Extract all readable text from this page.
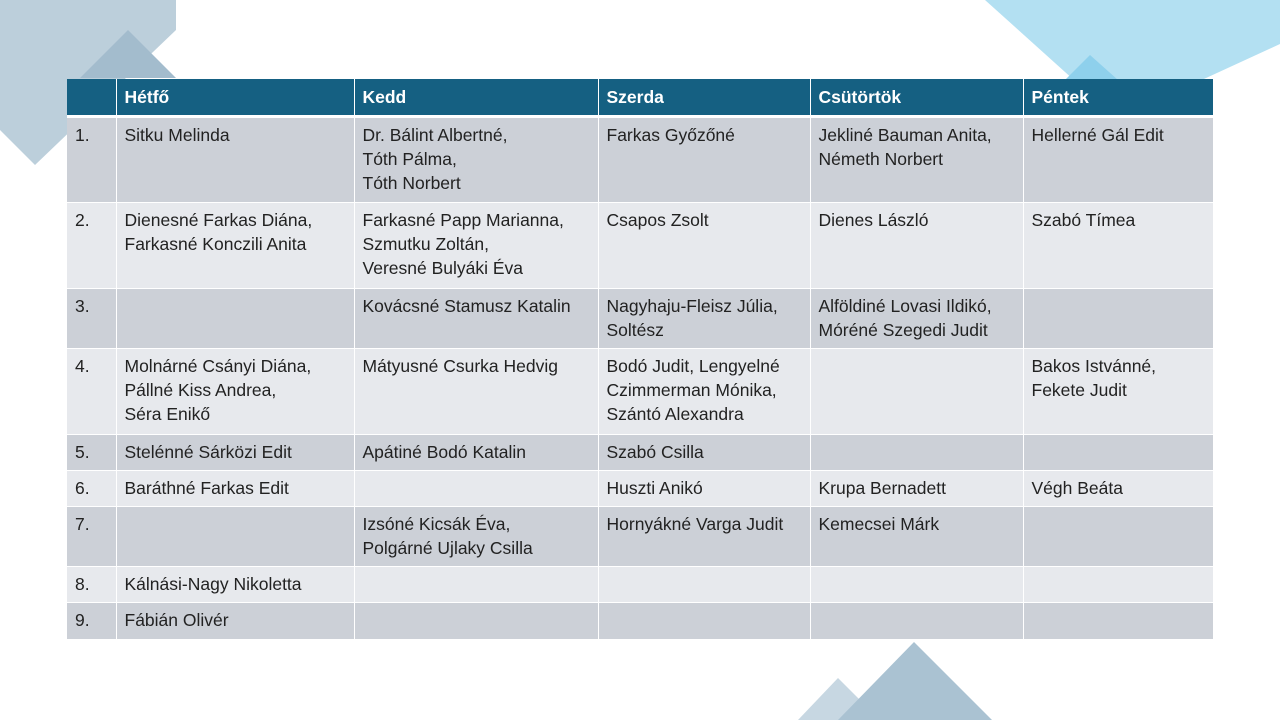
	Hétfő	Kedd	Szerda	Csütörtök	Péntek
1.	Sitku Melinda	Dr. Bálint Albertné,
Tóth Pálma,
Tóth Norbert	Farkas Győzőné	Jekliné Bauman Anita,
Németh Norbert	Hellerné Gál Edit
2.	Dienesné Farkas Diána,
Farkasné Konczili Anita	Farkasné Papp Marianna,
Szmutku Zoltán,
Veresné Bulyáki Éva	Csapos Zsolt	Dienes László	Szabó Tímea
3.		Kovácsné Stamusz Katalin	Nagyhaju-Fleisz Júlia,
Soltész	Alföldiné Lovasi Ildikó,
Móréné Szegedi Judit	
4.	Molnárné Csányi Diána,
Pállné Kiss Andrea,
Séra Enikő	Mátyusné Csurka Hedvig	Bodó Judit, Lengyelné
Czimmerman Mónika,
Szántó Alexandra		Bakos Istvánné,
Fekete Judit
5.	Stelénné Sárközi Edit	Apátiné Bodó Katalin	Szabó Csilla		
6.	Baráthné Farkas Edit		Huszti Anikó	Krupa Bernadett	Végh Beáta
7.		Izsóné Kicsák Éva,
Polgárné Ujlaky Csilla	Hornyákné Varga Judit	Kemecsei Márk	
8.	Kálnási-Nagy Nikoletta				
9.	Fábián Olivér				
